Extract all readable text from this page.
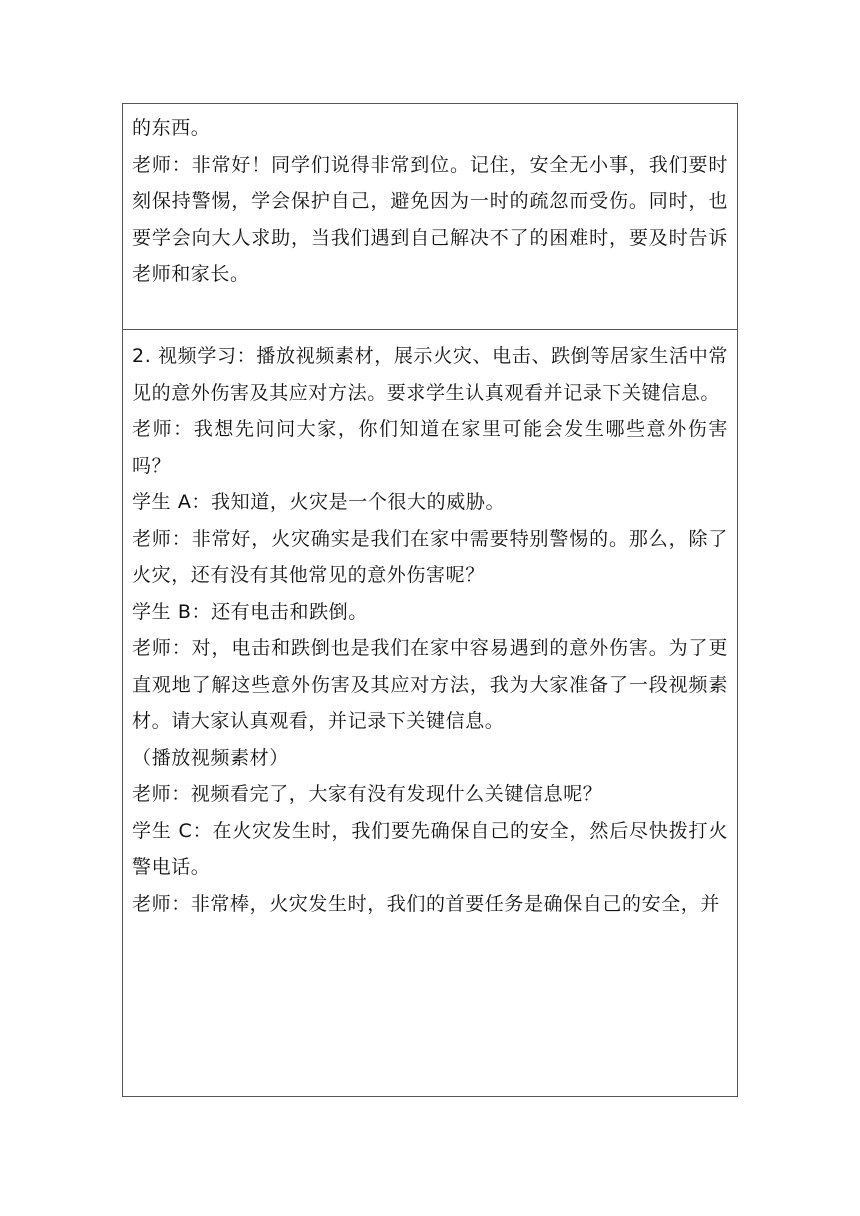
的东西。

老师：非常好！同学们说得非常到位。记住，安全无小事，我们要时刻保持警惕，学会保护自己，避免因为一时的疏忽而受伤。同时，也要学会向大人求助，当我们遇到自己解决不了的困难时，要及时告诉老师和家长。

2. 视频学习：播放视频素材，展示火灾、电击、跌倒等居家生活中常见的意外伤害及其应对方法。要求学生认真观看并记录下关键信息。

老师：我想先问问大家，你们知道在家里可能会发生哪些意外伤害吗？

学生 A：我知道，火灾是一个很大的威胁。

老师：非常好，火灾确实是我们在家中需要特别警惕的。那么，除了火灾，还有没有其他常见的意外伤害呢？

学生 B：还有电击和跌倒。

老师：对，电击和跌倒也是我们在家中容易遇到的意外伤害。为了更直观地了解这些意外伤害及其应对方法，我为大家准备了一段视频素材。请大家认真观看，并记录下关键信息。

（播放视频素材）

老师：视频看完了，大家有没有发现什么关键信息呢？

学生 C：在火灾发生时，我们要先确保自己的安全，然后尽快拨打火警电话。

老师：非常棒，火灾发生时，我们的首要任务是确保自己的安全，并
